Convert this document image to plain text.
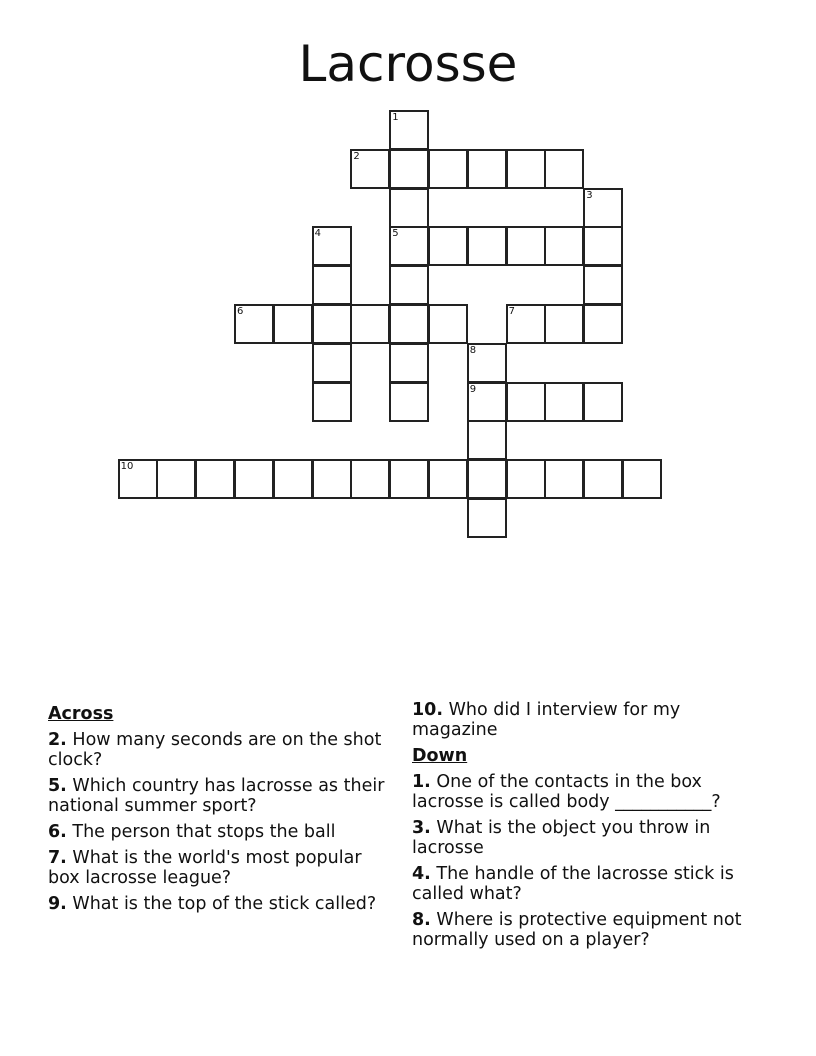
Lacrosse
1
2
3
4	5
6	7
8
9
10
Across
2. How many seconds are on the shot clock?
5. Which country has lacrosse as their national summer sport?
6. The person that stops the ball
7. What is the world's most popular box lacrosse league?
9. What is the top of the stick called?
10. Who did I interview for my magazine
Down
1. One of the contacts in the box lacrosse is called body ___________?
3. What is the object you throw in lacrosse
4. The handle of the lacrosse stick is called what?
8. Where is protective equipment not normally used on a player?
